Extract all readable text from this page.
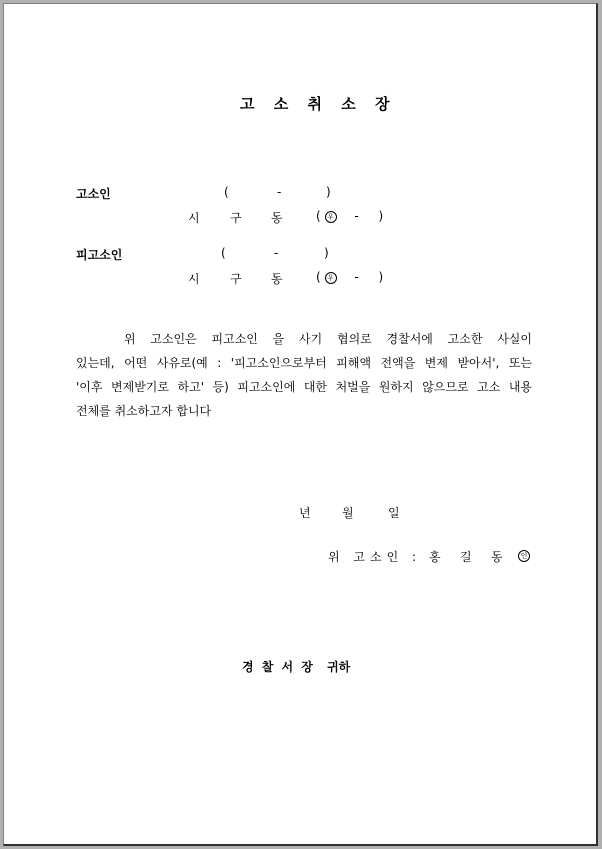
고 소 취 소 장
고소인	(	-	)
시	구 동	( 우 - )
피고소인	(	-	)
시	구 동	( 우 - )
위 고소인은 피고소인 을 사기 협의로 경찰서에 고소한 사실이
있는데, 어떤 사유로(예 : '피고소인으로부터 피해액 전액을 변제 받아서', 또는
'이후 변제받기로 하고' 등) 피고소인에 대한 처벌을 원하지 않으므로 고소 내용
전체를 취소하고자 합니다
년	월	일
위 고소인 : 홍 길 동	인
경 찰 서 장 귀하
